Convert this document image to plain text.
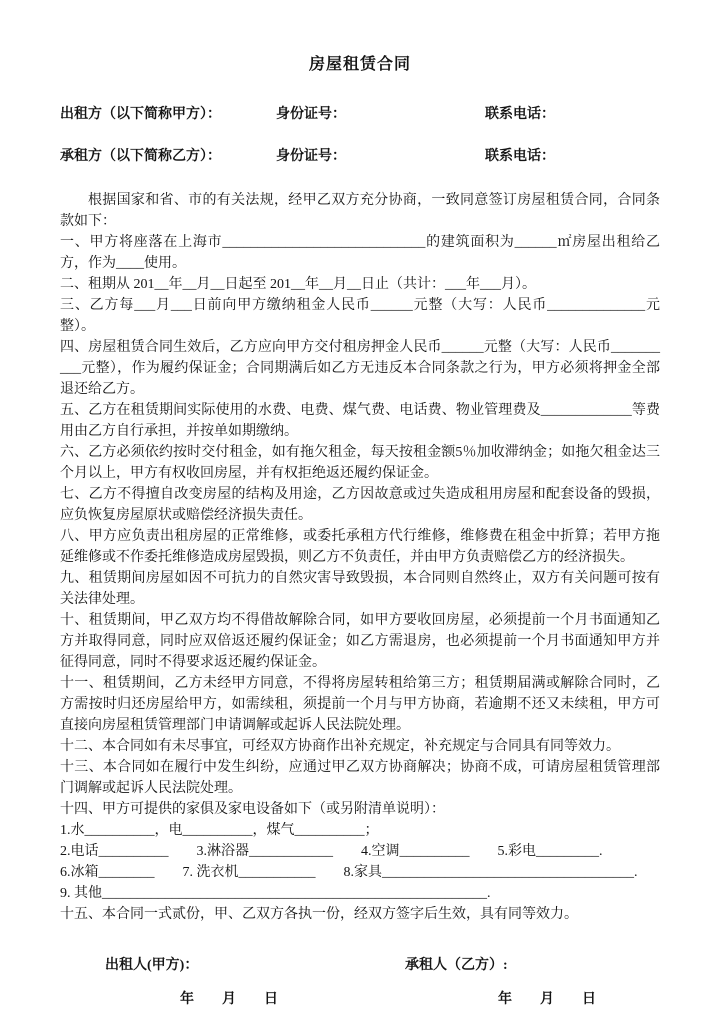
房屋租赁合同
出租方（以下简称甲方）：	身份证号：	联系电话：
承租方（以下简称乙方）：	身份证号：	联系电话：

根据国家和省、市的有关法规，经甲乙双方充分协商，一致同意签订房屋租赁合同，合同条款如下：

一、甲方将座落在上海市_____________________________的建筑面积为______㎡房屋出租给乙方，作为____使用。

二、租期从 201__年__月__日起至 201__年__月__日止（共计：___年___月）。

三、乙方每___月___日前向甲方缴纳租金人民币______元整（大写：人民币______________元整）。

四、房屋租赁合同生效后，乙方应向甲方交付租房押金人民币______元整（大写：人民币__________元整），作为履约保证金；合同期满后如乙方无违反本合同条款之行为，甲方必须将押金全部退还给乙方。

五、乙方在租赁期间实际使用的水费、电费、煤气费、电话费、物业管理费及_____________等费用由乙方自行承担，并按单如期缴纳。

六、乙方必须依约按时交付租金，如有拖欠租金，每天按租金额5％加收滞纳金；如拖欠租金达三个月以上，甲方有权收回房屋，并有权拒绝返还履约保证金。

七、乙方不得擅自改变房屋的结构及用途，乙方因故意或过失造成租用房屋和配套设备的毁损，应负恢复房屋原状或赔偿经济损失责任。

八、甲方应负责出租房屋的正常维修，或委托承租方代行维修，维修费在租金中折算；若甲方拖延维修或不作委托维修造成房屋毁损，则乙方不负责任，并由甲方负责赔偿乙方的经济损失。

九、租赁期间房屋如因不可抗力的自然灾害导致毁损，本合同则自然终止，双方有关问题可按有关法律处理。

十、租赁期间，甲乙双方均不得借故解除合同，如甲方要收回房屋，必须提前一个月书面通知乙方并取得同意，同时应双倍返还履约保证金；如乙方需退房，也必须提前一个月书面通知甲方并征得同意，同时不得要求返还履约保证金。

十一、租赁期间，乙方未经甲方同意，不得将房屋转租给第三方；租赁期届满或解除合同时，乙方需按时归还房屋给甲方，如需续租，须提前一个月与甲方协商，若逾期不还又未续租，甲方可直接向房屋租赁管理部门申请调解或起诉人民法院处理。

十二、本合同如有未尽事宜，可经双方协商作出补充规定，补充规定与合同具有同等效力。

十三、本合同如在履行中发生纠纷，应通过甲乙双方协商解决；协商不成，可请房屋租赁管理部门调解或起诉人民法院处理。

十四、甲方可提供的家俱及家电设备如下（或另附清单说明）：

1.水__________，电__________，煤气__________；

2.电话__________　　3.淋浴器____________　　4.空调__________　　5.彩电_________.

6.冰箱________　　7. 洗衣机___________　　8.家具____________________________________.

9. 其他_______________________________________________________.

十五、本合同一式贰份，甲、乙双方各执一份，经双方签字后生效，具有同等效力。

出租人(甲方)：	承租人（乙方）:
年　　月　　日	年　　月　　日
